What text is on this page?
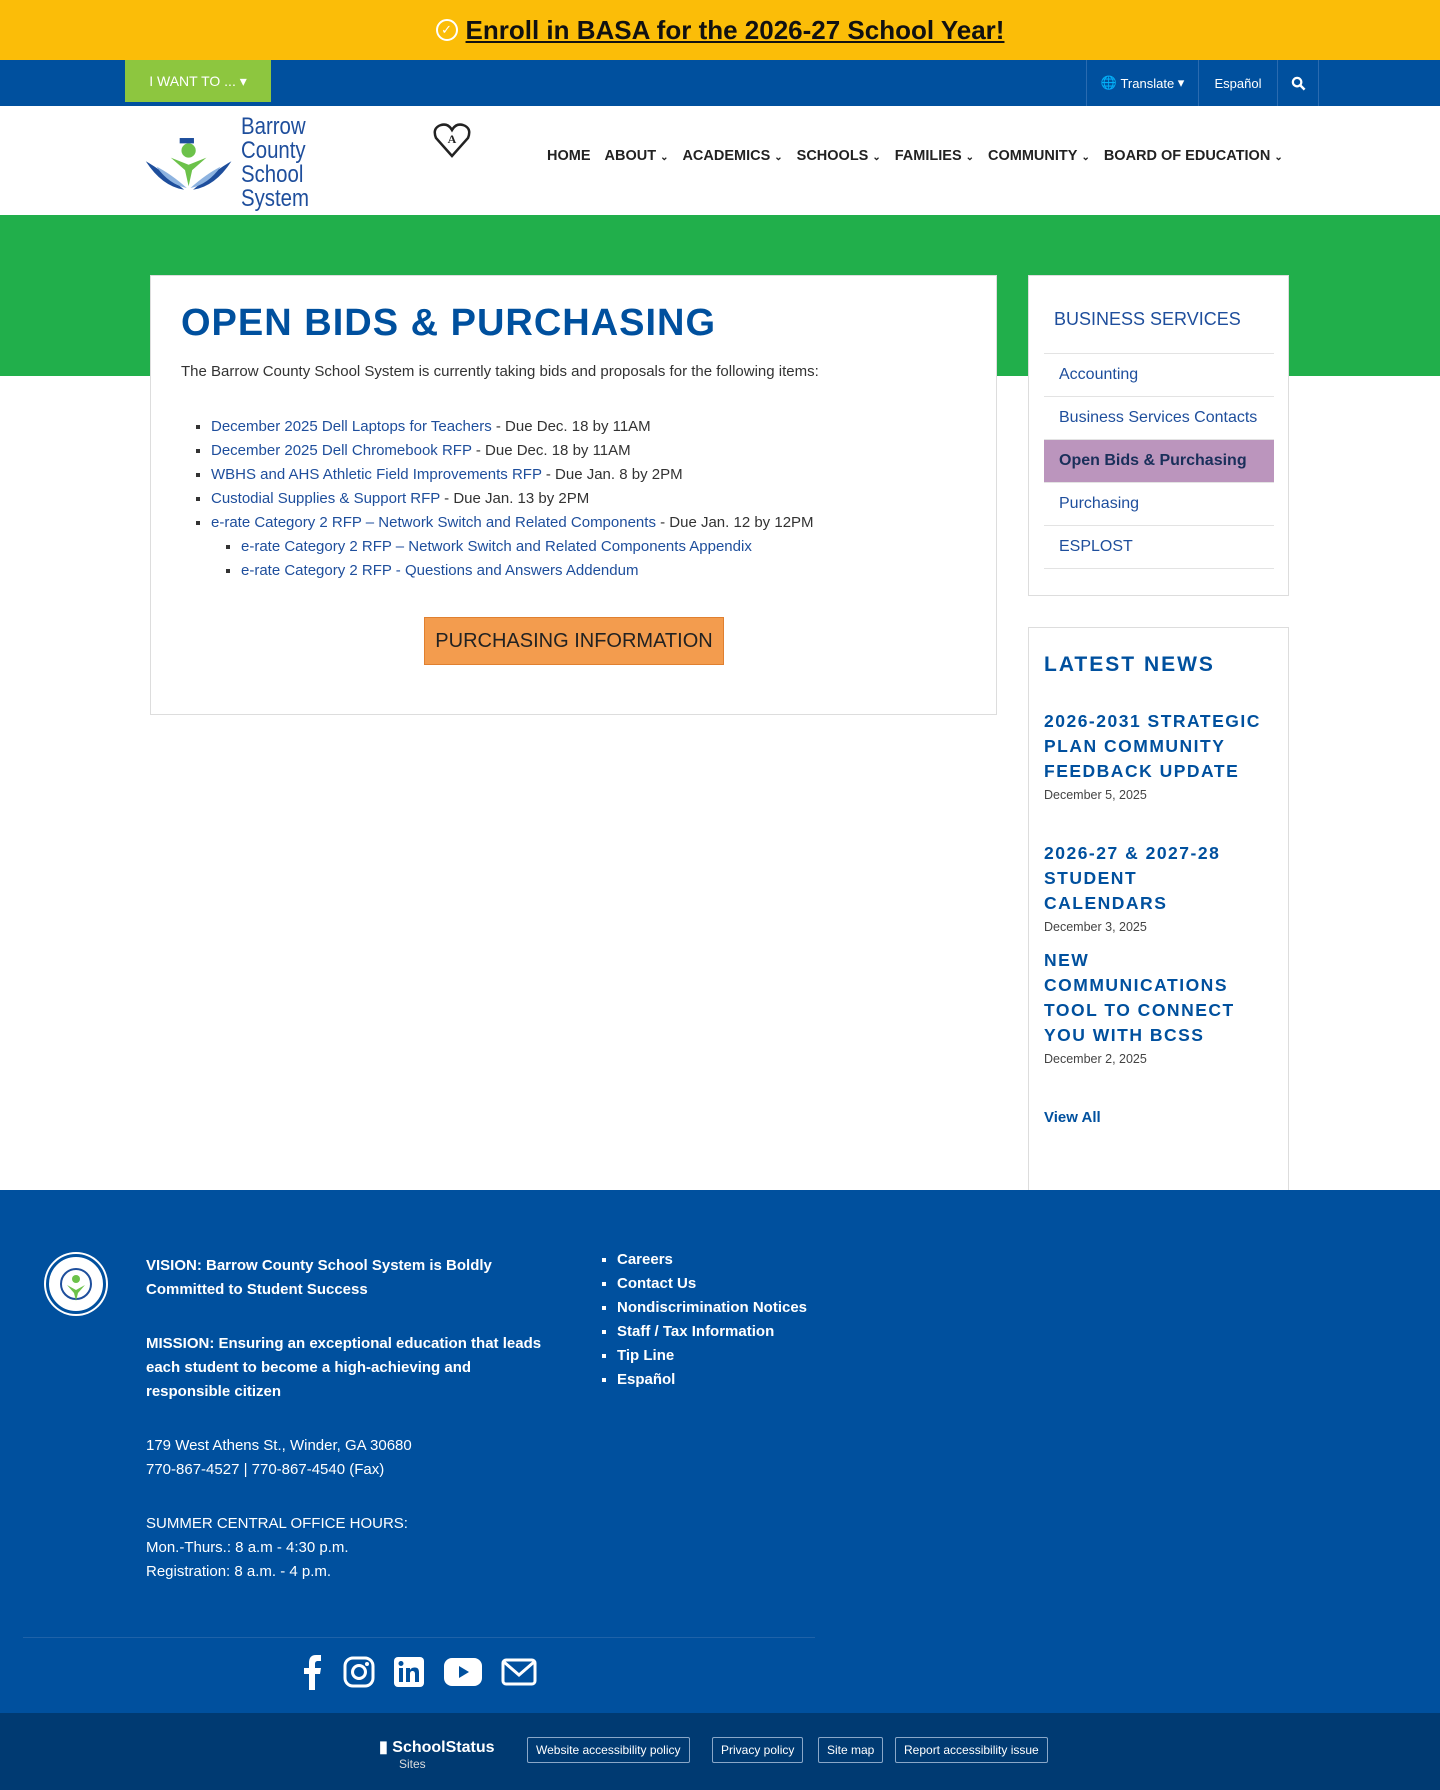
✓ Enroll in BASA for the 2026-27 School Year!
I WANT TO ...
▾	🌐
Translate ▾	Español
Barrow County
School System
A
HOME ABOUT ⌄ ACADEMICS ⌄ SCHOOLS ⌄ FAMILIES ⌄ COMMUNITY ⌄ BOARD OF EDUCATION ⌄
OPEN BIDS & PURCHASING

The Barrow County School System is currently taking bids and proposals for the following items:

▪ December 2025 Dell Laptops for Teachers - Due Dec. 18 by 11AM
▪ December 2025 Dell Chromebook RFP - Due Dec. 18 by 11AM
▪ WBHS and AHS Athletic Field Improvements RFP - Due Jan. 8 by 2PM
▪ Custodial Supplies & Support RFP - Due Jan. 13 by 2PM
▪ e-rate Category 2 RFP – Network Switch and Related Components - Due Jan. 12 by 12PM
▪ e-rate Category 2 RFP – Network Switch and Related Components Appendix
▪ e-rate Category 2 RFP - Questions and Answers Addendum
PURCHASING INFORMATION
BUSINESS SERVICES
Accounting
Business Services Contacts
Open Bids & Purchasing
Purchasing
ESPLOST
LATEST NEWS
2026-2031 STRATEGIC PLAN COMMUNITY FEEDBACK UPDATE
December 5, 2025
2026-27 & 2027-28 STUDENT CALENDARS
December 3, 2025
NEW COMMUNICATIONS TOOL TO CONNECT YOU WITH BCSS
December 2, 2025
View All
VISION: Barrow County School System is Boldly Committed to Student Success
MISSION: Ensuring an exceptional education that leads each student to become a high-achieving and responsible citizen
179 West Athens St., Winder, GA 30680
770-867-4527 | 770-867-4540 (Fax)
SUMMER CENTRAL OFFICE HOURS:
Mon.-Thurs.: 8 a.m - 4:30 p.m.
Registration: 8 a.m. - 4 p.m.
▪ Careers
▪ Contact Us
▪ Nondiscrimination Notices
▪ Staff / Tax Information
▪ Tip Line
▪ Español
▮ SchoolStatus
Sites
Website accessibility policy	Privacy policy	Site map	Report accessibility issue
